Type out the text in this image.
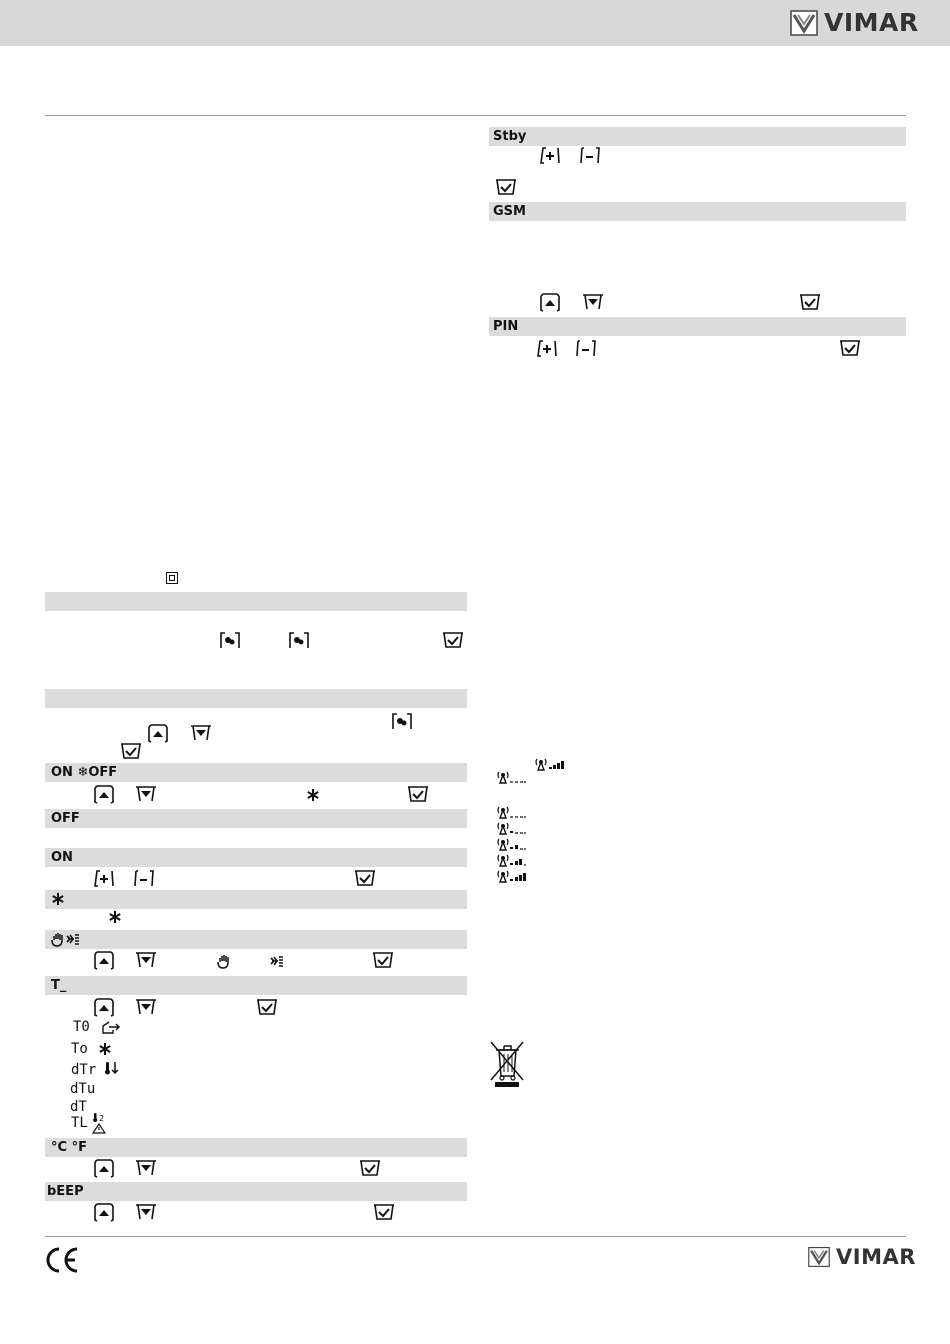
VIMAR
ON ❄OFF
OFF
ON
T_
T0
To
dTr
dTu
dT
TL 2
°C °F
bEEP
Stby
GSM
PIN
VIMAR
